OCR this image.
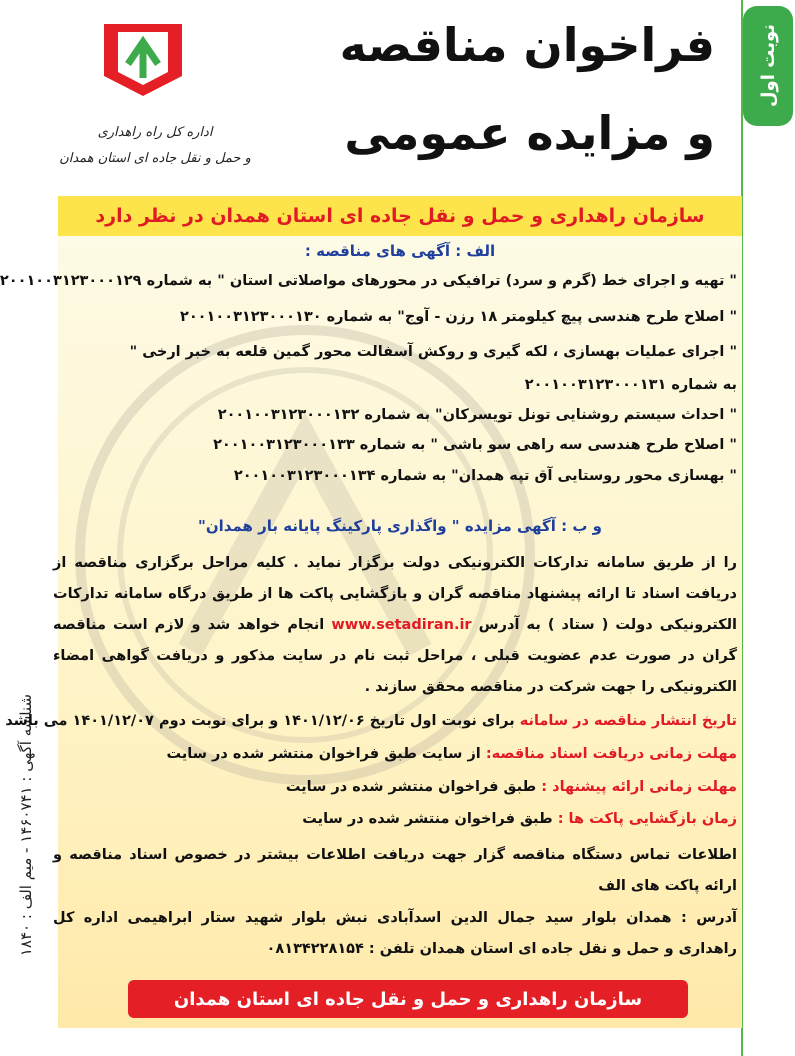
نوبت اول
شناسه آگهی : ۱۴۶۰۷۴۱ - میم الف : ۱۸۴۰
اداره کل راه راهداری
و حمل و نقل جاده ای استان همدان
فراخوان مناقصه
و مزایده عمومی
سازمان راهداری و حمل و نقل جاده ای استان همدان در نظر دارد
الف : آگهی های مناقصه :
" تهیه و اجرای خط (گرم و سرد) ترافیکی در محورهای مواصلاتی استان " به شماره ۲۰۰۱۰۰۳۱۲۳۰۰۰۱۲۹
" اصلاح طرح هندسی پیچ کیلومتر ۱۸ رزن - آوج" به شماره ۲۰۰۱۰۰۳۱۲۳۰۰۰۱۳۰
" اجرای عملیات بهسازی ، لکه گیری و روکش آسفالت محور گمین قلعه به خبر ارخی "
به شماره ۲۰۰۱۰۰۳۱۲۳۰۰۰۱۳۱
" احداث سیستم روشنایی تونل تویسرکان" به شماره ۲۰۰۱۰۰۳۱۲۳۰۰۰۱۳۲
" اصلاح طرح هندسی سه راهی سو باشی " به شماره ۲۰۰۱۰۰۳۱۲۳۰۰۰۱۳۳
" بهسازی محور روستایی آق تپه همدان" به شماره ۲۰۰۱۰۰۳۱۲۳۰۰۰۱۳۴
و ب : آگهی مزایده " واگذاری پارکینگ پایانه بار همدان"
را از طریق سامانه تدارکات الکترونیکی دولت برگزار نماید . کلیه مراحل برگزاری مناقصه از دریافت اسناد تا ارائه پیشنهاد مناقصه گران و بازگشایی پاکت ها از طریق درگاه سامانه تدارکات الکترونیکی دولت ( ستاد ) به آدرس www.setadiran.ir انجام خواهد شد و لازم است مناقصه گران در صورت عدم عضویت قبلی ، مراحل ثبت نام در سایت مذکور و دریافت گواهی امضاء الکترونیکی را جهت شرکت در مناقصه محقق سازند .
تاریخ انتشار مناقصه در سامانه برای نوبت اول تاریخ ۱۴۰۱/۱۲/۰۶ و برای نوبت دوم ۱۴۰۱/۱۲/۰۷ می باشد
مهلت زمانی دریافت اسناد مناقصه: از سایت طبق فراخوان منتشر شده در سایت
مهلت زمانی ارائه پیشنهاد : طبق فراخوان منتشر شده در سایت
زمان بازگشایی پاکت ها : طبق فراخوان منتشر شده در سایت
اطلاعات تماس دستگاه مناقصه گزار جهت دریافت اطلاعات بیشتر در خصوص اسناد مناقصه و ارائه پاکت های الف
آدرس : همدان بلوار سید جمال الدین اسدآبادی نبش بلوار شهید ستار ابراهیمی اداره کل راهداری و حمل و نقل جاده ای استان همدان تلفن : ۰۸۱۳۴۲۲۸۱۵۴
سازمان راهداری و حمل و نقل جاده ای استان همدان
